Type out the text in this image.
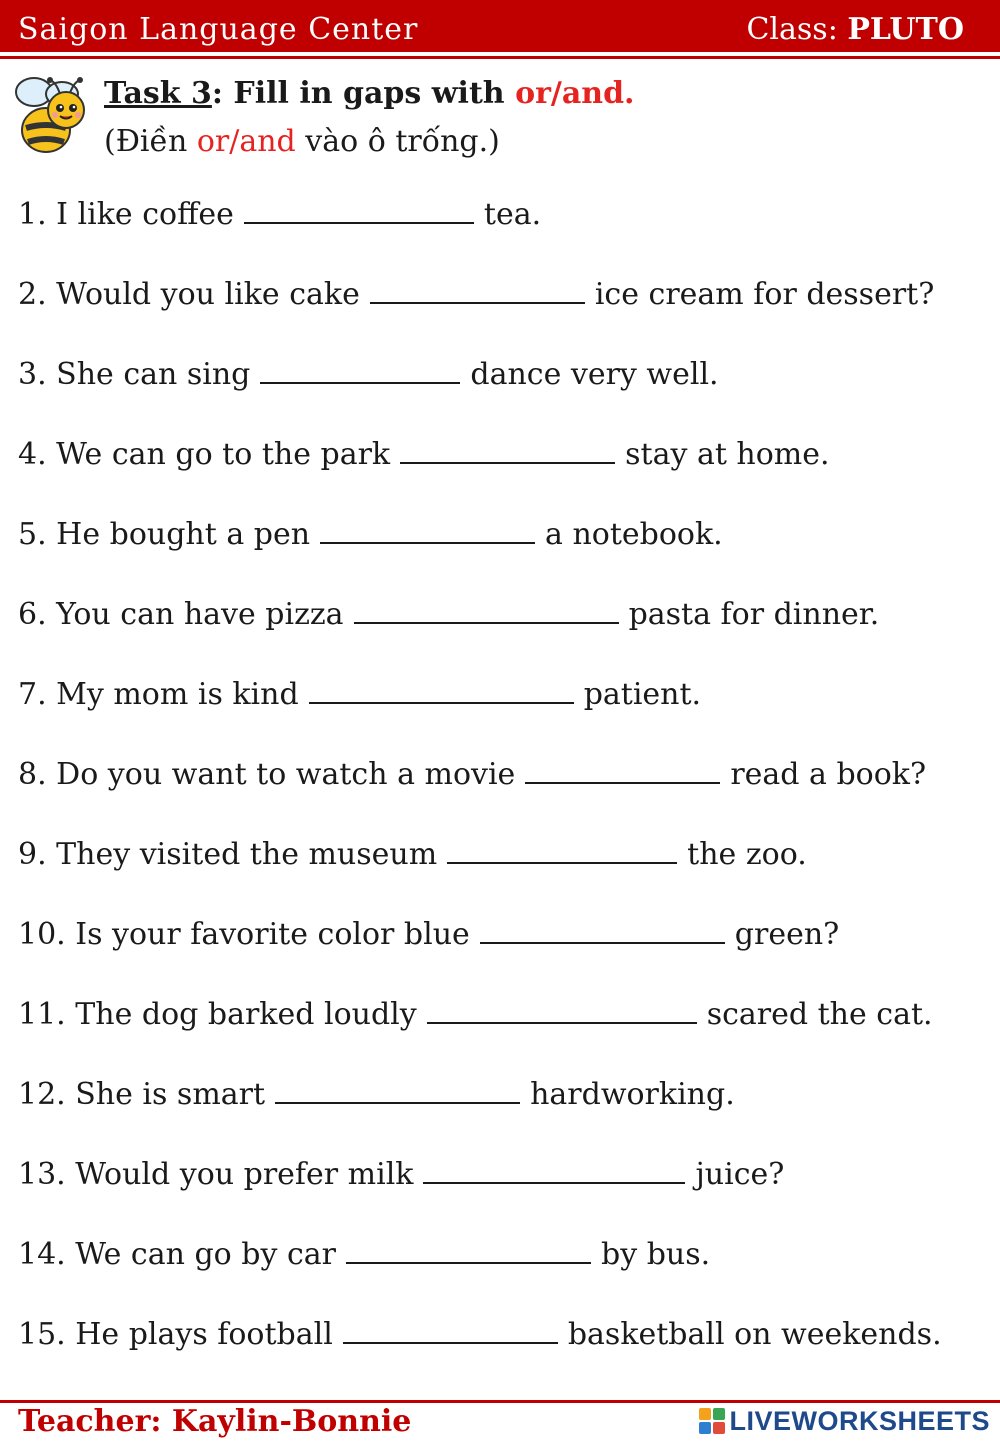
Saigon Language Center	Class: PLUTO
Task 3: Fill in gaps with or/and.
(Điền or/and vào ô trống.)
1. I like coffee	tea.
2. Would you like cake	ice cream for dessert?
3. She can sing	dance very well.
4. We can go to the park	stay at home.
5. He bought a pen	a notebook.
6. You can have pizza	pasta for dinner.
7. My mom is kind	patient.
8. Do you want to watch a movie	read a book?
9. They visited the museum	the zoo.
10. Is your favorite color blue	green?
11. The dog barked loudly	scared the cat.
12. She is smart	hardworking.
13. Would you prefer milk	juice?
14. We can go by car	by bus.
15. He plays football	basketball on weekends.
Teacher: Kaylin-Bonnie	LIVEWORKSHEETS
